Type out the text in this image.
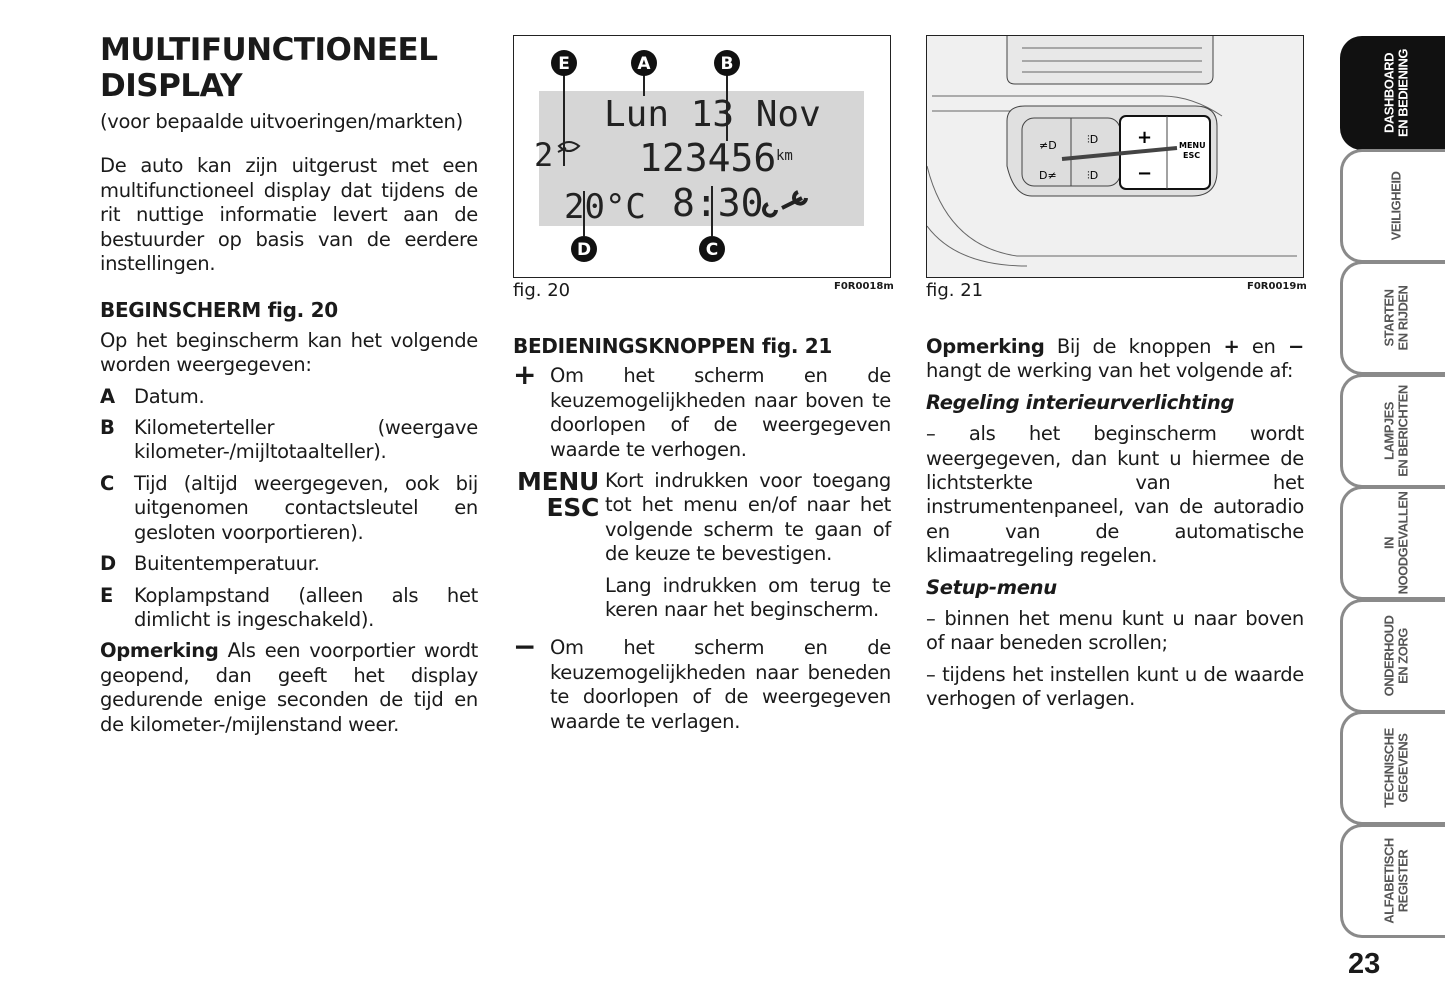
MULTIFUNCTIONEEL DISPLAY

(voor bepaalde uitvoeringen/markten)

De auto kan zijn uitgerust met een multifunctioneel display dat tijdens de rit nuttige informatie levert aan de bestuurder op basis van de eerdere instellingen.

BEGINSCHERM fig. 20

Op het beginscherm kan het volgende worden weergegeven:

A Datum.
B Kilometerteller (weergave kilometer-/mijltotaalteller).
C	Tijd (altijd weergegeven, ook bij uitgenomen contactsleutel en gesloten voorportieren).
D Buitentemperatuur.
E	Koplampstand (alleen als het dimlicht is ingeschakeld).

Opmerking Als een voorportier wordt geopend, dan geeft het display gedurende enige seconden de tijd en de kilometer-/mijlenstand weer.

Lun 13 Nov
2 123456 km
20°C 8:30
E	A	B
D	C
fig. 20	F0R0018m
+
−
MENU
ESC
≠D	⫶D
D≠	⫶D
fig. 21	F0R0019m
BEDIENINGSKNOPPEN fig. 21
+ Om het scherm en de keuzemogelijkheden naar boven te doorlopen of de weergegeven waarde te verhogen.
MENU
ESC

Kort indrukken voor toegang tot het menu en/of naar het volgende scherm te gaan of de keuze te bevestigen.

Lang indrukken om terug te keren naar het beginscherm.

− Om het scherm en de keuzemogelijkheden naar beneden te doorlopen of de weergegeven waarde te verlagen.

Opmerking Bij de knoppen + en − hangt de werking van het volgende af:

Regeling interieurverlichting

– als het beginscherm wordt weergegeven, dan kunt u hiermee de lichtsterkte van het instrumentenpaneel, van de autoradio en van de automatische klimaatregeling regelen.

Setup-menu

– binnen het menu kunt u naar boven of naar beneden scrollen;

– tijdens het instellen kunt u de waarde verhogen of verlagen.

DASHBOARD
EN BEDIENING
VEILIGHEID
STARTEN
EN RIJDEN
LAMPJES
EN BERICHTEN
IN
NOODGEVALLEN
ONDERHOUD
EN ZORG
TECHNISCHE
GEGEVENS
ALFABETISCH
REGISTER
23
